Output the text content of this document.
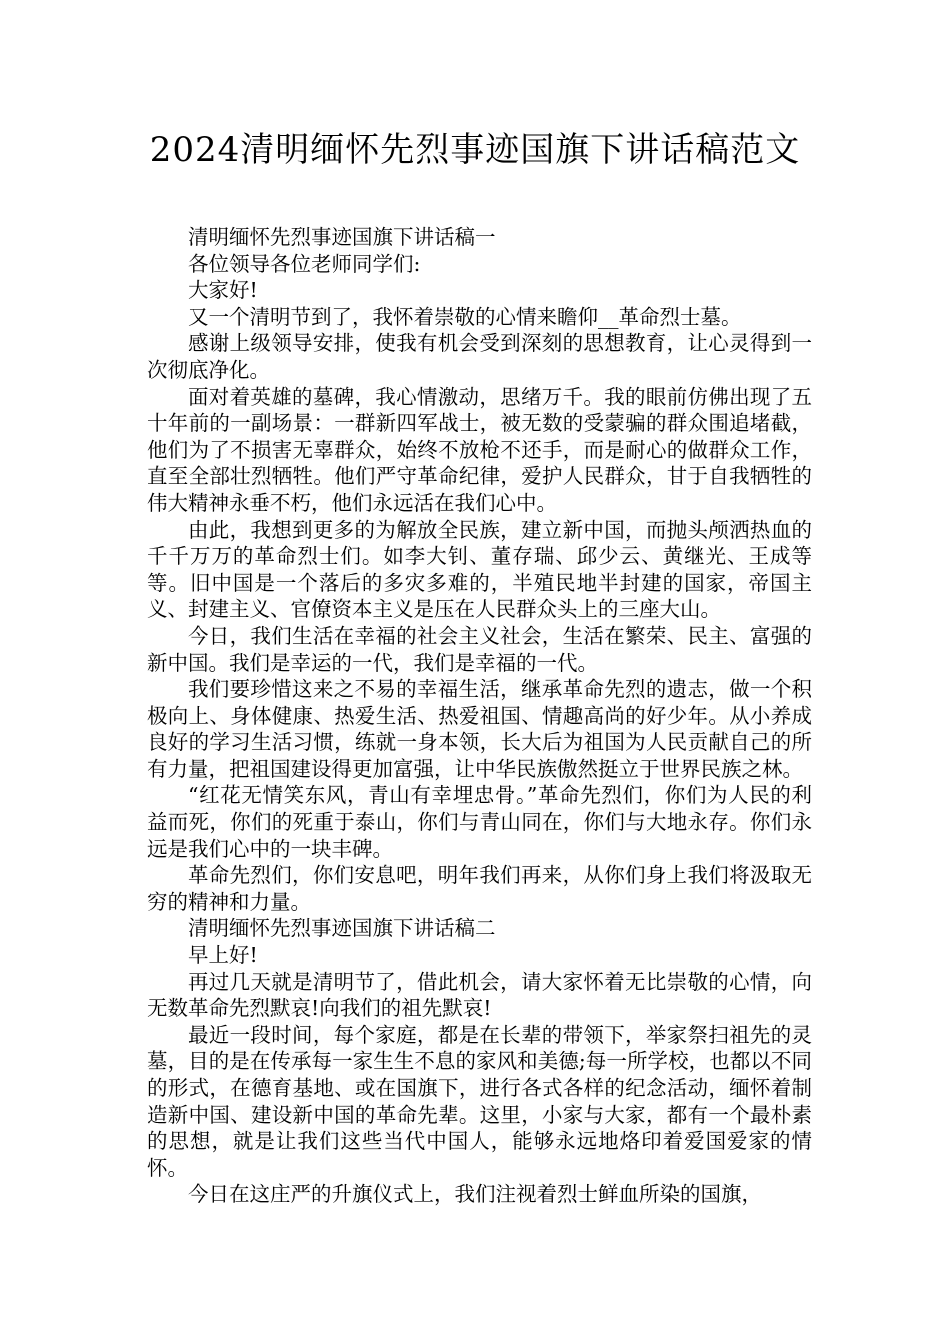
2024清明缅怀先烈事迹国旗下讲话稿范文

清明缅怀先烈事迹国旗下讲话稿一

各位领导各位老师同学们:

大家好!

又一个清明节到了，我怀着崇敬的心情来瞻仰__革命烈士墓。

感谢上级领导安排，使我有机会受到深刻的思想教育，让心灵得到一次彻底净化。

面对着英雄的墓碑，我心情激动，思绪万千。我的眼前仿佛出现了五十年前的一副场景：一群新四军战士，被无数的受蒙骗的群众围追堵截，他们为了不损害无辜群众，始终不放枪不还手，而是耐心的做群众工作，直至全部壮烈牺牲。他们严守革命纪律，爱护人民群众，甘于自我牺牲的伟大精神永垂不朽，他们永远活在我们心中。

由此，我想到更多的为解放全民族，建立新中国，而抛头颅洒热血的千千万万的革命烈士们。如李大钊、董存瑞、邱少云、黄继光、王成等等。旧中国是一个落后的多灾多难的，半殖民地半封建的国家，帝国主义、封建主义、官僚资本主义是压在人民群众头上的三座大山。

今日，我们生活在幸福的社会主义社会，生活在繁荣、民主、富强的新中国。我们是幸运的一代，我们是幸福的一代。

我们要珍惜这来之不易的幸福生活，继承革命先烈的遗志，做一个积极向上、身体健康、热爱生活、热爱祖国、情趣高尚的好少年。从小养成良好的学习生活习惯，练就一身本领，长大后为祖国为人民贡献自己的所有力量，把祖国建设得更加富强，让中华民族傲然挺立于世界民族之林。

“红花无情笑东风，青山有幸埋忠骨。”革命先烈们，你们为人民的利益而死，你们的死重于泰山，你们与青山同在，你们与大地永存。你们永远是我们心中的一块丰碑。

革命先烈们，你们安息吧，明年我们再来，从你们身上我们将汲取无穷的精神和力量。

清明缅怀先烈事迹国旗下讲话稿二

早上好!

再过几天就是清明节了，借此机会，请大家怀着无比崇敬的心情，向无数革命先烈默哀!向我们的祖先默哀!

最近一段时间，每个家庭，都是在长辈的带领下，举家祭扫祖先的灵墓，目的是在传承每一家生生不息的家风和美德;每一所学校，也都以不同的形式，在德育基地、或在国旗下，进行各式各样的纪念活动，缅怀着制造新中国、建设新中国的革命先辈。这里，小家与大家，都有一个最朴素的思想，就是让我们这些当代中国人，能够永远地烙印着爱国爱家的情怀。

今日在这庄严的升旗仪式上，我们注视着烈士鲜血所染的国旗，
